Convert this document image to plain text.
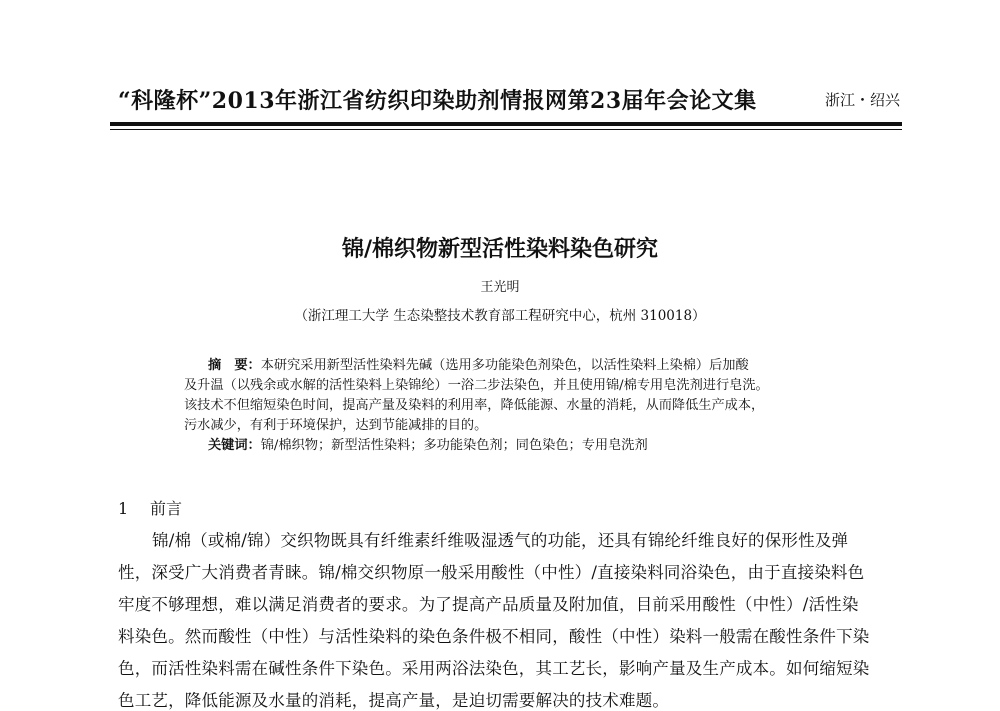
“科隆杯”2013年浙江省纺织印染助剂情报网第23届年会论文集	浙江・绍兴
锦/棉织物新型活性染料染色研究
王光明
（浙江理工大学 生态染整技术教育部工程研究中心，杭州 310018）
摘　要：本研究采用新型活性染料先碱（选用多功能染色剂染色，以活性染料上染棉）后加酸
及升温（以残余或水解的活性染料上染锦纶）一浴二步法染色，并且使用锦/棉专用皂洗剂进行皂洗。
该技术不但缩短染色时间，提高产量及染料的利用率，降低能源、水量的消耗，从而降低生产成本，
污水减少，有利于环境保护，达到节能减排的目的。
关键词：锦/棉织物；新型活性染料；多功能染色剂；同色染色；专用皂洗剂
1 前言
锦/棉（或棉/锦）交织物既具有纤维素纤维吸湿透气的功能，还具有锦纶纤维良好的保形性及弹
性，深受广大消费者青睐。锦/棉交织物原一般采用酸性（中性）/直接染料同浴染色，由于直接染料色
牢度不够理想，难以满足消费者的要求。为了提高产品质量及附加值，目前采用酸性（中性）/活性染
料染色。然而酸性（中性）与活性染料的染色条件极不相同，酸性（中性）染料一般需在酸性条件下染
色，而活性染料需在碱性条件下染色。采用两浴法染色，其工艺长，影响产量及生产成本。如何缩短染
色工艺，降低能源及水量的消耗，提高产量，是迫切需要解决的技术难题。
